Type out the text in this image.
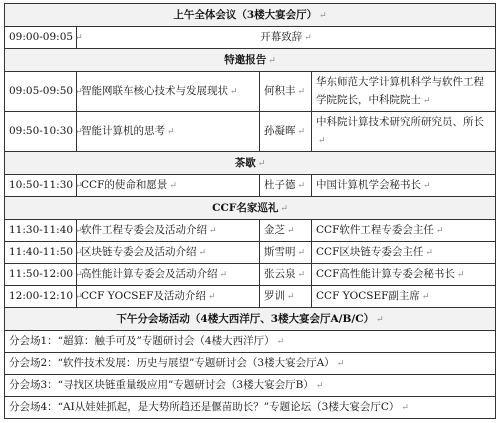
上午全体会议（3楼大宴会厅） ↵			
09:00-09:05 ↵	开幕致辞 ↵		
特邀报告 ↵			
09:05-09:50 ↵	智能网联车核心技术与发展现状 ↵	何积丰 ↵	华东师范大学计算机科学与软件工程学院院长，中科院院士 ↵
09:50-10:30 ↵	智能计算机的思考 ↵	孙凝晖 ↵	中科院计算技术研究所研究员、所长↵
茶歇 ↵			
10:50-11:30 ↵	CCF的使命和愿景 ↵	杜子德 ↵	中国计算机学会秘书长 ↵
CCF名家巡礼 ↵			
11:30-11:40 ↵	软件工程专委会及活动介绍 ↵	金芝 ↵	CCF软件工程专委会主任 ↵
11:40-11:50 ↵	区块链专委会及活动介绍 ↵	斯雪明 ↵	CCF区块链专委会主任 ↵
11:50-12:00 ↵	高性能计算专委会及活动介绍 ↵	张云泉 ↵	CCF高性能计算专委会秘书长 ↵
12:00-12:10 ↵	CCF YOCSEF及活动介绍 ↵	罗训 ↵	CCF YOCSEF副主席 ↵
下午分会场活动（4楼大西洋厅、3楼大宴会厅A/B/C） ↵			
分会场1：“超算：触手可及”专题研讨会（4楼大西洋厅） ↵			
分会场2：“软件技术发展：历史与展望”专题研讨会（3楼大宴会厅A） ↵			
分会场3：“寻找区块链重量级应用”专题研讨会（3楼大宴会厅B） ↵			
分会场4：“AI从娃娃抓起，是大势所趋还是偃苗助长？”专题论坛（3楼大宴会厅C） ↵			
